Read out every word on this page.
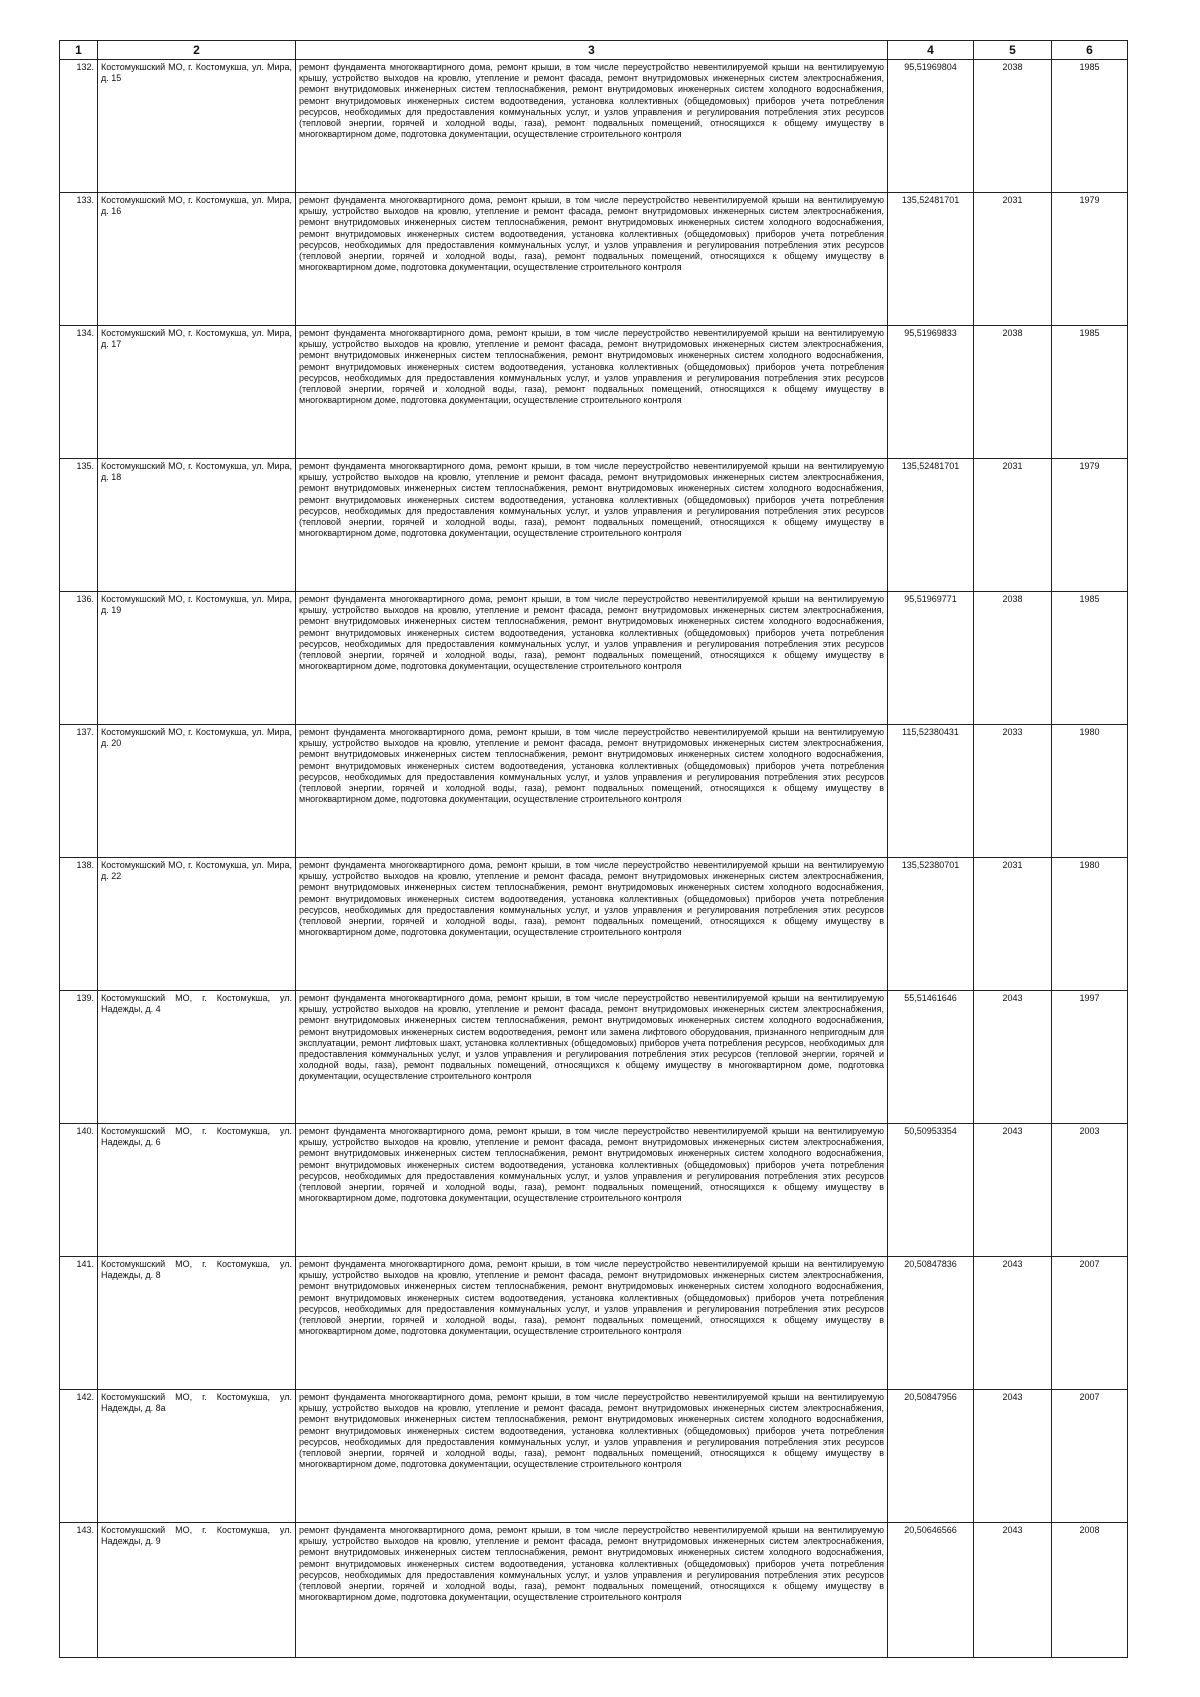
1	2	3	4	5	6
132.	Костомукшский МО, г. Костомукша, ул. Мира, д. 15	ремонт фундамента многоквартирного дома, ремонт крыши, в том числе переустройство невентилируемой крыши на вентилируемую крышу, устройство выходов на кровлю, утепление и ремонт фасада, ремонт внутридомовых инженерных систем электроснабжения, ремонт внутридомовых инженерных систем теплоснабжения, ремонт внутридомовых инженерных систем холодного водоснабжения, ремонт внутридомовых инженерных систем водоотведения, установка коллективных (общедомовых) приборов учета потребления ресурсов, необходимых для предоставления коммунальных услуг, и узлов управления и регулирования потребления этих ресурсов (тепловой энергии, горячей и холодной воды, газа), ремонт подвальных помещений, относящихся к общему имуществу в многоквартирном доме, подготовка документации, осуществление строительного контроля	95,51969804	2038	1985
133.	Костомукшский МО, г. Костомукша, ул. Мира, д. 16	ремонт фундамента многоквартирного дома, ремонт крыши, в том числе переустройство невентилируемой крыши на вентилируемую крышу, устройство выходов на кровлю, утепление и ремонт фасада, ремонт внутридомовых инженерных систем электроснабжения, ремонт внутридомовых инженерных систем теплоснабжения, ремонт внутридомовых инженерных систем холодного водоснабжения, ремонт внутридомовых инженерных систем водоотведения, установка коллективных (общедомовых) приборов учета потребления ресурсов, необходимых для предоставления коммунальных услуг, и узлов управления и регулирования потребления этих ресурсов (тепловой энергии, горячей и холодной воды, газа), ремонт подвальных помещений, относящихся к общему имуществу в многоквартирном доме, подготовка документации, осуществление строительного контроля	135,52481701	2031	1979
134.	Костомукшский МО, г. Костомукша, ул. Мира, д. 17	ремонт фундамента многоквартирного дома, ремонт крыши, в том числе переустройство невентилируемой крыши на вентилируемую крышу, устройство выходов на кровлю, утепление и ремонт фасада, ремонт внутридомовых инженерных систем электроснабжения, ремонт внутридомовых инженерных систем теплоснабжения, ремонт внутридомовых инженерных систем холодного водоснабжения, ремонт внутридомовых инженерных систем водоотведения, установка коллективных (общедомовых) приборов учета потребления ресурсов, необходимых для предоставления коммунальных услуг, и узлов управления и регулирования потребления этих ресурсов (тепловой энергии, горячей и холодной воды, газа), ремонт подвальных помещений, относящихся к общему имуществу в многоквартирном доме, подготовка документации, осуществление строительного контроля	95,51969833	2038	1985
135.	Костомукшский МО, г. Костомукша, ул. Мира, д. 18	ремонт фундамента многоквартирного дома, ремонт крыши, в том числе переустройство невентилируемой крыши на вентилируемую крышу, устройство выходов на кровлю, утепление и ремонт фасада, ремонт внутридомовых инженерных систем электроснабжения, ремонт внутридомовых инженерных систем теплоснабжения, ремонт внутридомовых инженерных систем холодного водоснабжения, ремонт внутридомовых инженерных систем водоотведения, установка коллективных (общедомовых) приборов учета потребления ресурсов, необходимых для предоставления коммунальных услуг, и узлов управления и регулирования потребления этих ресурсов (тепловой энергии, горячей и холодной воды, газа), ремонт подвальных помещений, относящихся к общему имуществу в многоквартирном доме, подготовка документации, осуществление строительного контроля	135,52481701	2031	1979
136.	Костомукшский МО, г. Костомукша, ул. Мира, д. 19	ремонт фундамента многоквартирного дома, ремонт крыши, в том числе переустройство невентилируемой крыши на вентилируемую крышу, устройство выходов на кровлю, утепление и ремонт фасада, ремонт внутридомовых инженерных систем электроснабжения, ремонт внутридомовых инженерных систем теплоснабжения, ремонт внутридомовых инженерных систем холодного водоснабжения, ремонт внутридомовых инженерных систем водоотведения, установка коллективных (общедомовых) приборов учета потребления ресурсов, необходимых для предоставления коммунальных услуг, и узлов управления и регулирования потребления этих ресурсов (тепловой энергии, горячей и холодной воды, газа), ремонт подвальных помещений, относящихся к общему имуществу в многоквартирном доме, подготовка документации, осуществление строительного контроля	95,51969771	2038	1985
137.	Костомукшский МО, г. Костомукша, ул. Мира, д. 20	ремонт фундамента многоквартирного дома, ремонт крыши, в том числе переустройство невентилируемой крыши на вентилируемую крышу, устройство выходов на кровлю, утепление и ремонт фасада, ремонт внутридомовых инженерных систем электроснабжения, ремонт внутридомовых инженерных систем теплоснабжения, ремонт внутридомовых инженерных систем холодного водоснабжения, ремонт внутридомовых инженерных систем водоотведения, установка коллективных (общедомовых) приборов учета потребления ресурсов, необходимых для предоставления коммунальных услуг, и узлов управления и регулирования потребления этих ресурсов (тепловой энергии, горячей и холодной воды, газа), ремонт подвальных помещений, относящихся к общему имуществу в многоквартирном доме, подготовка документации, осуществление строительного контроля	115,52380431	2033	1980
138.	Костомукшский МО, г. Костомукша, ул. Мира, д. 22	ремонт фундамента многоквартирного дома, ремонт крыши, в том числе переустройство невентилируемой крыши на вентилируемую крышу, устройство выходов на кровлю, утепление и ремонт фасада, ремонт внутридомовых инженерных систем электроснабжения, ремонт внутридомовых инженерных систем теплоснабжения, ремонт внутридомовых инженерных систем холодного водоснабжения, ремонт внутридомовых инженерных систем водоотведения, установка коллективных (общедомовых) приборов учета потребления ресурсов, необходимых для предоставления коммунальных услуг, и узлов управления и регулирования потребления этих ресурсов (тепловой энергии, горячей и холодной воды, газа), ремонт подвальных помещений, относящихся к общему имуществу в многоквартирном доме, подготовка документации, осуществление строительного контроля	135,52380701	2031	1980
139.	Костомукшский МО, г. Костомукша, ул. Надежды, д. 4	ремонт фундамента многоквартирного дома, ремонт крыши, в том числе переустройство невентилируемой крыши на вентилируемую крышу, устройство выходов на кровлю, утепление и ремонт фасада, ремонт внутридомовых инженерных систем электроснабжения, ремонт внутридомовых инженерных систем теплоснабжения, ремонт внутридомовых инженерных систем холодного водоснабжения, ремонт внутридомовых инженерных систем водоотведения, ремонт или замена лифтового оборудования, признанного непригодным для эксплуатации, ремонт лифтовых шахт, установка коллективных (общедомовых) приборов учета потребления ресурсов, необходимых для предоставления коммунальных услуг, и узлов управления и регулирования потребления этих ресурсов (тепловой энергии, горячей и холодной воды, газа), ремонт подвальных помещений, относящихся к общему имуществу в многоквартирном доме, подготовка документации, осуществление строительного контроля	55,51461646	2043	1997
140.	Костомукшский МО, г. Костомукша, ул. Надежды, д. 6	ремонт фундамента многоквартирного дома, ремонт крыши, в том числе переустройство невентилируемой крыши на вентилируемую крышу, устройство выходов на кровлю, утепление и ремонт фасада, ремонт внутридомовых инженерных систем электроснабжения, ремонт внутридомовых инженерных систем теплоснабжения, ремонт внутридомовых инженерных систем холодного водоснабжения, ремонт внутридомовых инженерных систем водоотведения, установка коллективных (общедомовых) приборов учета потребления ресурсов, необходимых для предоставления коммунальных услуг, и узлов управления и регулирования потребления этих ресурсов (тепловой энергии, горячей и холодной воды, газа), ремонт подвальных помещений, относящихся к общему имуществу в многоквартирном доме, подготовка документации, осуществление строительного контроля	50,50953354	2043	2003
141.	Костомукшский МО, г. Костомукша, ул. Надежды, д. 8	ремонт фундамента многоквартирного дома, ремонт крыши, в том числе переустройство невентилируемой крыши на вентилируемую крышу, устройство выходов на кровлю, утепление и ремонт фасада, ремонт внутридомовых инженерных систем электроснабжения, ремонт внутридомовых инженерных систем теплоснабжения, ремонт внутридомовых инженерных систем холодного водоснабжения, ремонт внутридомовых инженерных систем водоотведения, установка коллективных (общедомовых) приборов учета потребления ресурсов, необходимых для предоставления коммунальных услуг, и узлов управления и регулирования потребления этих ресурсов (тепловой энергии, горячей и холодной воды, газа), ремонт подвальных помещений, относящихся к общему имуществу в многоквартирном доме, подготовка документации, осуществление строительного контроля	20,50847836	2043	2007
142.	Костомукшский МО, г. Костомукша, ул. Надежды, д. 8а	ремонт фундамента многоквартирного дома, ремонт крыши, в том числе переустройство невентилируемой крыши на вентилируемую крышу, устройство выходов на кровлю, утепление и ремонт фасада, ремонт внутридомовых инженерных систем электроснабжения, ремонт внутридомовых инженерных систем теплоснабжения, ремонт внутридомовых инженерных систем холодного водоснабжения, ремонт внутридомовых инженерных систем водоотведения, установка коллективных (общедомовых) приборов учета потребления ресурсов, необходимых для предоставления коммунальных услуг, и узлов управления и регулирования потребления этих ресурсов (тепловой энергии, горячей и холодной воды, газа), ремонт подвальных помещений, относящихся к общему имуществу в многоквартирном доме, подготовка документации, осуществление строительного контроля	20,50847956	2043	2007
143.	Костомукшский МО, г. Костомукша, ул. Надежды, д. 9	ремонт фундамента многоквартирного дома, ремонт крыши, в том числе переустройство невентилируемой крыши на вентилируемую крышу, устройство выходов на кровлю, утепление и ремонт фасада, ремонт внутридомовых инженерных систем электроснабжения, ремонт внутридомовых инженерных систем теплоснабжения, ремонт внутридомовых инженерных систем холодного водоснабжения, ремонт внутридомовых инженерных систем водоотведения, установка коллективных (общедомовых) приборов учета потребления ресурсов, необходимых для предоставления коммунальных услуг, и узлов управления и регулирования потребления этих ресурсов (тепловой энергии, горячей и холодной воды, газа), ремонт подвальных помещений, относящихся к общему имуществу в многоквартирном доме, подготовка документации, осуществление строительного контроля	20,50646566	2043	2008
